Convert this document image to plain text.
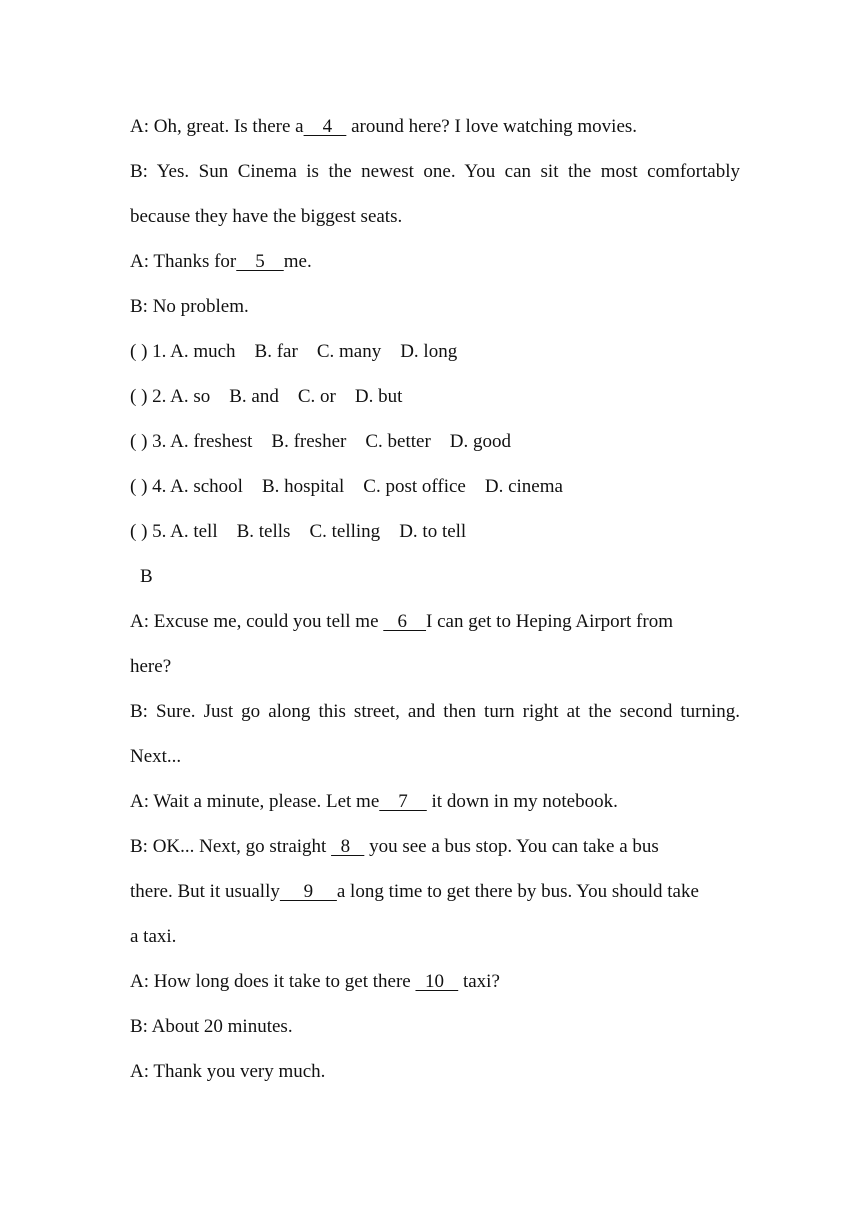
A: Oh, great. Is there a    4    around here? I love watching movies.
B: Yes. Sun Cinema is the newest one. You can sit the most comfortably
because they have the biggest seats.
A: Thanks for    5    me.
B: No problem.
( ) 1. A. much B. far C. many D. long
( ) 2. A. so B. and C. or D. but
( ) 3. A. freshest B. fresher C. better D. good
( ) 4. A. school B. hospital C. post office D. cinema
( ) 5. A. tell B. tells C. telling D. to tell
B
A: Excuse me, could you tell me    6    I can get to Heping Airport from
here?
B: Sure. Just go along this street, and then turn right at the second turning.
Next...
A: Wait a minute, please. Let me    7     it down in my notebook.
B: OK... Next, go straight   8    you see a bus stop. You can take a bus
there. But it usually     9     a long time to get there by bus. You should take
a taxi.
A: How long does it take to get there   10    taxi?
B: About 20 minutes.
A: Thank you very much.
